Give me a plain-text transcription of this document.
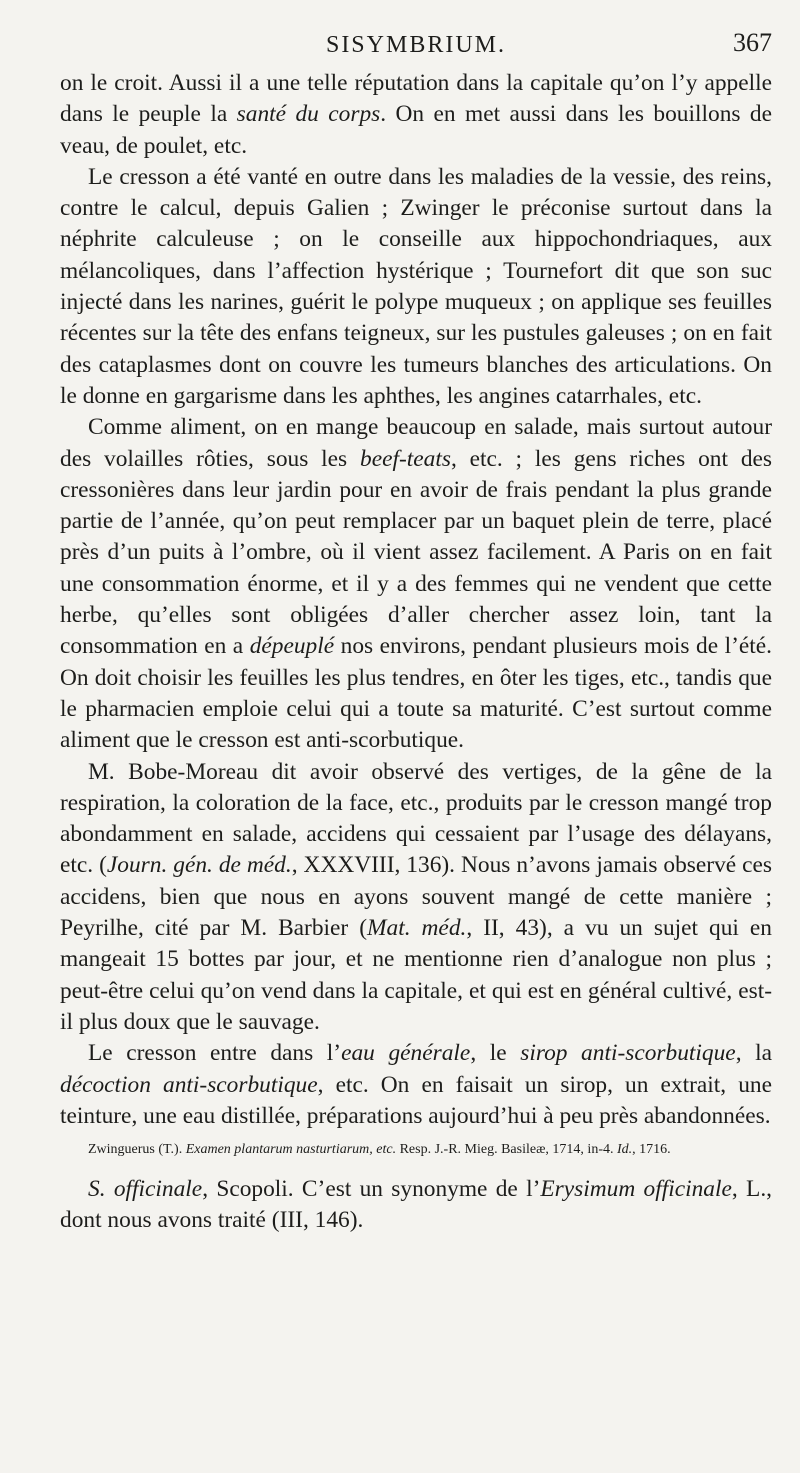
SISYMBRIUM.	367

on le croit. Aussi il a une telle réputation dans la capitale qu’on l’y appelle dans le peuple la santé du corps. On en met aussi dans les bouillons de veau, de poulet, etc.

Le cresson a été vanté en outre dans les maladies de la vessie, des reins, contre le calcul, depuis Galien ; Zwinger le préconise surtout dans la néphrite calculeuse ; on le conseille aux hippochondriaques, aux mélancoliques, dans l’affection hystérique ; Tournefort dit que son suc injecté dans les narines, guérit le polype muqueux ; on applique ses feuilles récentes sur la tête des enfans teigneux, sur les pustules galeuses ; on en fait des cataplasmes dont on couvre les tumeurs blanches des articulations. On le donne en gargarisme dans les aphthes, les angines catarrhales, etc.

Comme aliment, on en mange beaucoup en salade, mais surtout autour des volailles rôties, sous les beef-teats, etc. ; les gens riches ont des cressonières dans leur jardin pour en avoir de frais pendant la plus grande partie de l’année, qu’on peut remplacer par un baquet plein de terre, placé près d’un puits à l’ombre, où il vient assez facilement. A Paris on en fait une consommation énorme, et il y a des femmes qui ne vendent que cette herbe, qu’elles sont obligées d’aller chercher assez loin, tant la consommation en a dépeuplé nos environs, pendant plusieurs mois de l’été. On doit choisir les feuilles les plus tendres, en ôter les tiges, etc., tandis que le pharmacien emploie celui qui a toute sa maturité. C’est surtout comme aliment que le cresson est anti-scorbutique.

M. Bobe-Moreau dit avoir observé des vertiges, de la gêne de la respiration, la coloration de la face, etc., produits par le cresson mangé trop abondamment en salade, accidens qui cessaient par l’usage des délayans, etc. (Journ. gén. de méd., XXXVIII, 136). Nous n’avons jamais observé ces accidens, bien que nous en ayons souvent mangé de cette manière ; Peyrilhe, cité par M. Barbier (Mat. méd., II, 43), a vu un sujet qui en mangeait 15 bottes par jour, et ne mentionne rien d’analogue non plus ; peut-être celui qu’on vend dans la capitale, et qui est en général cultivé, est-il plus doux que le sauvage.

Le cresson entre dans l’eau générale, le sirop anti-scorbutique, la décoction anti-scorbutique, etc. On en faisait un sirop, un extrait, une teinture, une eau distillée, préparations aujourd’hui à peu près abandonnées.

Zwinguerus (T.). Examen plantarum nasturtiarum, etc. Resp. J.-R. Mieg. Basileæ, 1714, in-4. Id., 1716.

S. officinale, Scopoli. C’est un synonyme de l’Erysimum officinale, L., dont nous avons traité (III, 146).
